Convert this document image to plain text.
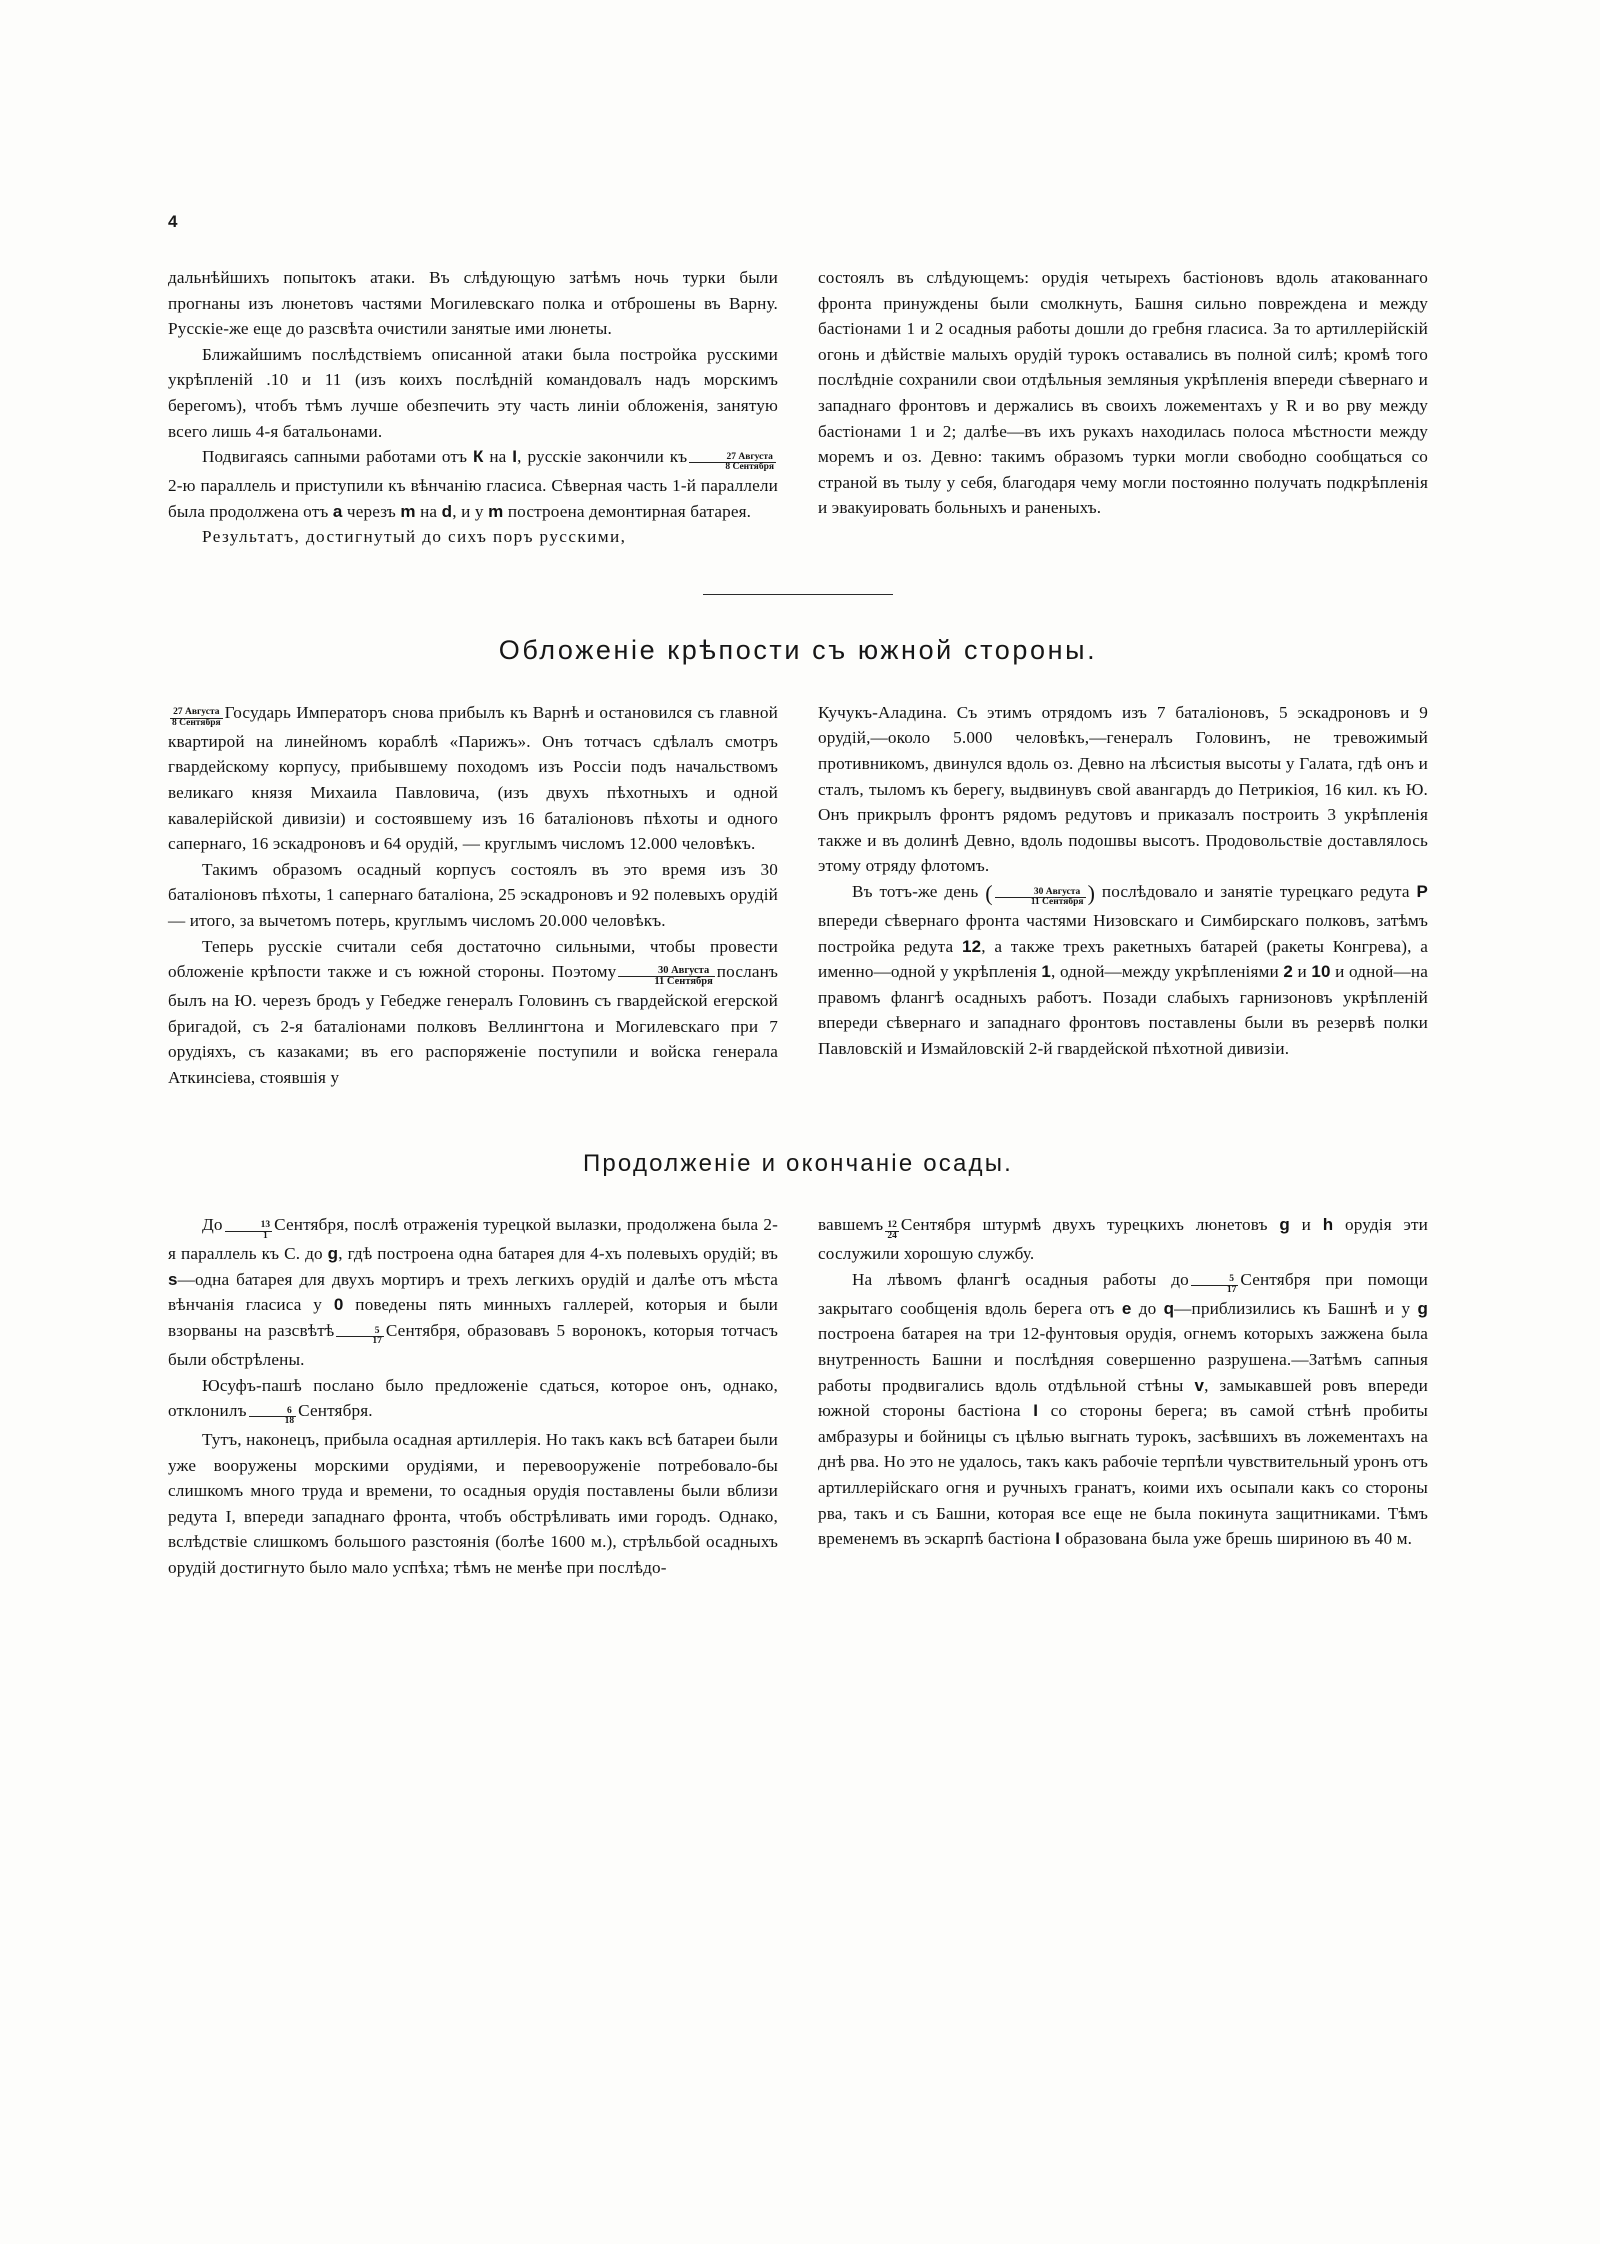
4

дальнѣйшихъ попытокъ атаки. Въ слѣдующую затѣмъ ночь турки были прогнаны изъ люнетовъ частями Могилевскаго полка и отброшены въ Варну. Русскіе-же еще до разсвѣта очистили занятые ими люнеты.

Ближайшимъ послѣдствіемъ описанной атаки была постройка русскими укрѣпленій .10 и 11 (изъ коихъ послѣдній командовалъ надъ морскимъ берегомъ), чтобъ тѣмъ лучше обезпечить эту часть линіи обложенія, занятую всего лишь 4-я батальонами.

Подвигаясь сапными работами отъ К на I, русскіе закончили къ $\frac{\text{27 Августа}}{\text{8 Сентября}}$
2-ю параллель и приступили къ вѣнчанію гласиса. Сѣверная часть 1-й параллели была продолжена отъ a черезъ m на d, и у m построена демонтирная батарея.

Результатъ, достигнутый до сихъ поръ русскими,

состоялъ въ слѣдующемъ: орудія четырехъ бастіоновъ вдоль атакованнаго фронта принуждены были смолкнуть, Башня сильно повреждена и между бастіонами 1 и 2 осадныя работы дошли до гребня гласиса. За то артиллерійскій огонь и дѣйствіе малыхъ орудій турокъ оставались въ полной силѣ; кромѣ того послѣдніе сохранили свои отдѣльныя земляныя укрѣпленія впереди сѣвернаго и западнаго фронтовъ и держались въ своихъ ложементахъ у R и во рву между бастіонами 1 и 2; далѣе—въ ихъ рукахъ находилась полоса мѣстности между моремъ и оз. Девно: такимъ образомъ турки могли свободно сообщаться со страной въ тылу у себя, благодаря чему могли постоянно получать подкрѣпленія и эвакуировать больныхъ и раненыхъ.

Обложеніе крѣпости съ южной стороны.

$\frac{\text{27 Августа}}{\text{8 Сентября}}$ Государь Императоръ снова прибылъ къ Варнѣ и остановился съ главной квартирой на линейномъ кораблѣ «Парижъ». Онъ тотчасъ сдѣлалъ смотръ гвардейскому корпусу, прибывшему походомъ изъ Россіи подъ начальствомъ великаго князя Михаила Павловича, (изъ двухъ пѣхотныхъ и одной кавалерійской дивизіи) и состоявшему изъ 16 баталіоновъ пѣхоты и одного сапернаго, 16 эскадроновъ и 64 орудій, — круглымъ числомъ 12.000 человѣкъ.

Такимъ образомъ осадный корпусъ состоялъ въ это время изъ 30 баталіоновъ пѣхоты, 1 сапернаго баталіона, 25 эскадроновъ и 92 полевыхъ орудій — итого, за вычетомъ потерь, круглымъ числомъ 20.000 человѣкъ.

Теперь русскіе считали себя достаточно сильными, чтобы провести обложеніе крѣпости также и съ южной стороны. Поэтому $\frac{\text{30 Августа}}{\text{11 Сентября}}$ посланъ былъ на Ю. черезъ бродъ у Гебедже генералъ Головинъ съ гвардейской егерской бригадой, съ 2-я баталіонами полковъ Веллингтона и Могилевскаго при 7 орудіяхъ, съ казаками; въ его распоряженіе поступили и войска генерала Аткинсіева, стоявшія у

Кучукъ-Аладина. Съ этимъ отрядомъ изъ 7 баталіоновъ, 5 эскадроновъ и 9 орудій,—около 5.000 человѣкъ,—генералъ Головинъ, не тревожимый противникомъ, двинулся вдоль оз. Девно на лѣсистыя высоты у Галата, гдѣ онъ и сталъ, тыломъ къ берегу, выдвинувъ свой авангардъ до Петрикіоя, 16 кил. къ Ю. Онъ прикрылъ фронтъ рядомъ редутовъ и приказалъ построить 3 укрѣпленія также и въ долинѣ Девно, вдоль подошвы высотъ. Продовольствіе доставлялось этому отряду флотомъ.

Въ тотъ-же день ( $\frac{\text{30 Августа}}{\text{11 Сентября}}$ ) послѣдовало и занятіе турецкаго редута P впереди сѣвернаго фронта частями Низовскаго и Симбирскаго полковъ, затѣмъ постройка редута 12, а также трехъ ракетныхъ батарей (ракеты Конгрева), а именно—одной у укрѣпленія 1, одной—между укрѣпленіями 2 и 10 и одной—на правомъ флангѣ осадныхъ работъ. Позади слабыхъ гарнизоновъ укрѣпленій впереди сѣвернаго и западнаго фронтовъ поставлены были въ резервѣ полки Павловскій и Измайловскій 2-й гвардейской пѣхотной дивизіи.

Продолженіе и окончаніе осады.

До $\frac{13}{1}$ Сентября, послѣ отраженія турецкой вылазки, продолжена была 2-я параллель къ С. до g, гдѣ построена одна батарея для 4-хъ полевыхъ орудій; въ s—одна батарея для двухъ мортиръ и трехъ легкихъ орудій и далѣе отъ мѣста вѣнчанія гласиса у 0 поведены пять минныхъ галлерей, которыя и были взорваны на разсвѣтѣ $\frac{5}{17}$ Сентября, образовавъ 5 воронокъ, которыя тотчасъ были обстрѣлены.

Юсуфъ-пашѣ послано было предложеніе сдаться, которое онъ, однако, отклонилъ $\frac{6}{18}$ Сентября.

Тутъ, наконецъ, прибыла осадная артиллерія. Но такъ какъ всѣ батареи были уже вооружены морскими орудіями, и перевооруженіе потребовало-бы слишкомъ много труда и времени, то осадныя орудія поставлены были вблизи редута I, впереди западнаго фронта, чтобъ обстрѣливать ими городъ. Однако, вслѣдствіе слишкомъ большого разстоянія (болѣе 1600 м.), стрѣльбой осадныхъ орудій достигнуто было мало успѣха; тѣмъ не менѣе при послѣдо-

вавшемъ $\frac{12}{24}$ Сентября штурмѣ двухъ турецкихъ люнетовъ g и h орудія эти сослужили хорошую службу.

На лѣвомъ флангѣ осадныя работы до $\frac{5}{17}$ Сентября при помощи закрытаго сообщенія вдоль берега отъ e до q—приблизились къ Башнѣ и у g построена батарея на три 12-фунтовыя орудія, огнемъ которыхъ зажжена была внутренность Башни и послѣдняя совершенно разрушена.—Затѣмъ сапныя работы продвигались вдоль отдѣльной стѣны v, замыкавшей ровъ впереди южной стороны бастіона I со стороны берега; въ самой стѣнѣ пробиты амбразуры и бойницы съ цѣлью выгнать турокъ, засѣвшихъ въ ложементахъ на днѣ рва. Но это не удалось, такъ какъ рабочіе терпѣли чувствительный уронъ отъ артиллерійскаго огня и ручныхъ гранатъ, коими ихъ осыпали какъ со стороны рва, такъ и съ Башни, которая все еще не была покинута защитниками. Тѣмъ временемъ въ эскарпѣ бастіона I образована была уже брешь шириною въ 40 м.
